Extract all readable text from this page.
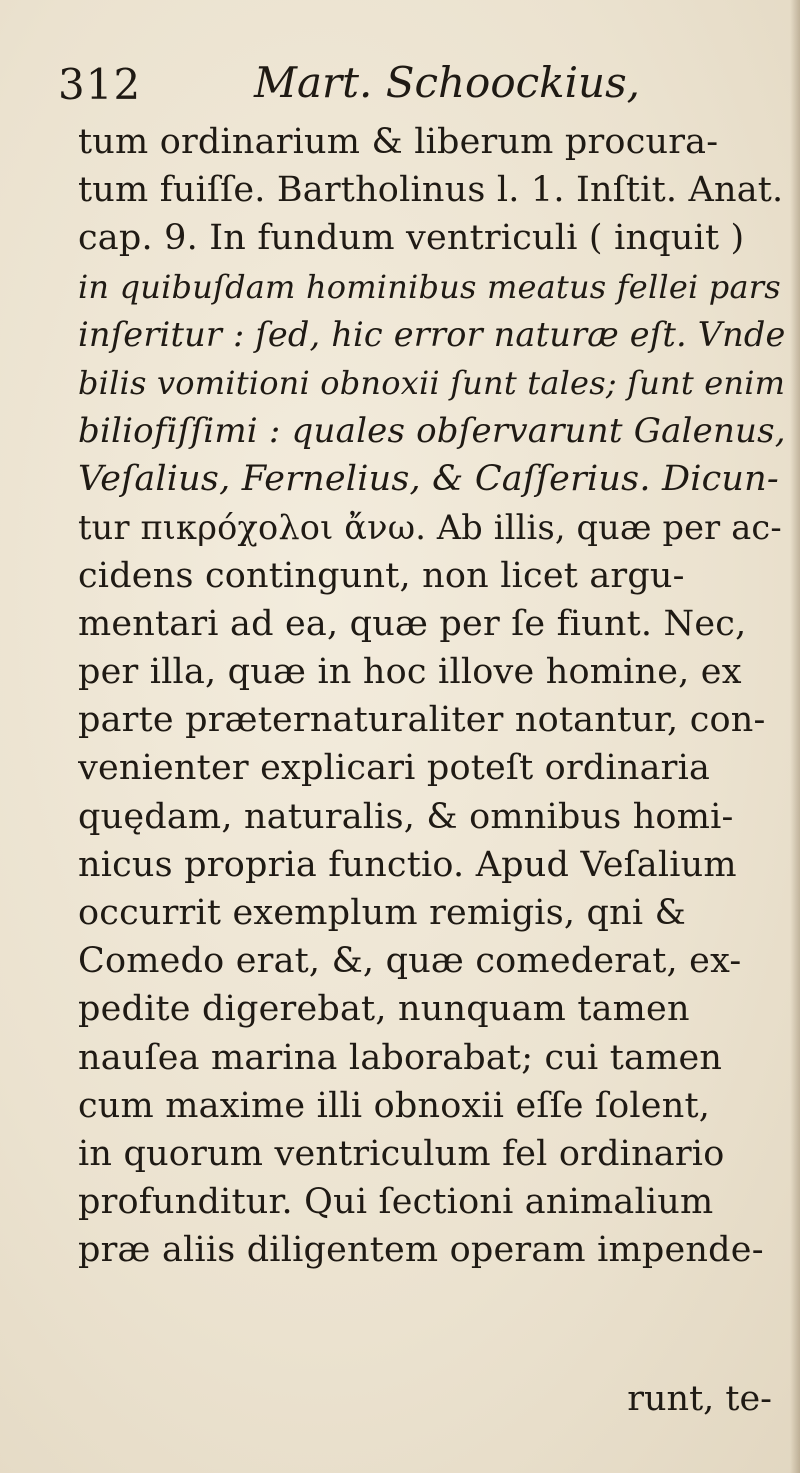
312	Mart. Schoockius,
tum ordinarium & liberum procura-
tum fuiſſe. Bartholinus l. 1. Inſtit. Anat.
cap. 9. In fundum ventriculi ( inquit )
in quibuſdam hominibus meatus fellei pars
inſeritur : ſed, hic error naturæ eſt. Vnde
bilis vomitioni obnoxii ſunt tales; ſunt enim
biliofiſſimi : quales obſervarunt Galenus,
Veſalius, Fernelius, & Caſſerius. Dicun-
tur πικρόχολοι ἄνω. Ab illis, quæ per ac-
cidens contingunt, non licet argu-
mentari ad ea, quæ per ſe fiunt. Nec,
per illa, quæ in hoc illove homine, ex
parte præternaturaliter notantur, con-
venienter explicari poteſt ordinaria
quędam, naturalis, & omnibus homi-
nicus propria functio. Apud Veſalium
occurrit exemplum remigis, qni &
Comedo erat, &, quæ comederat, ex-
pedite digerebat, nunquam tamen
nauſea marina laborabat; cui tamen
cum maxime illi obnoxii eſſe ſolent,
in quorum ventriculum fel ordinario
profunditur. Qui ſectioni animalium
præ aliis diligentem operam impende-
runt, te-
